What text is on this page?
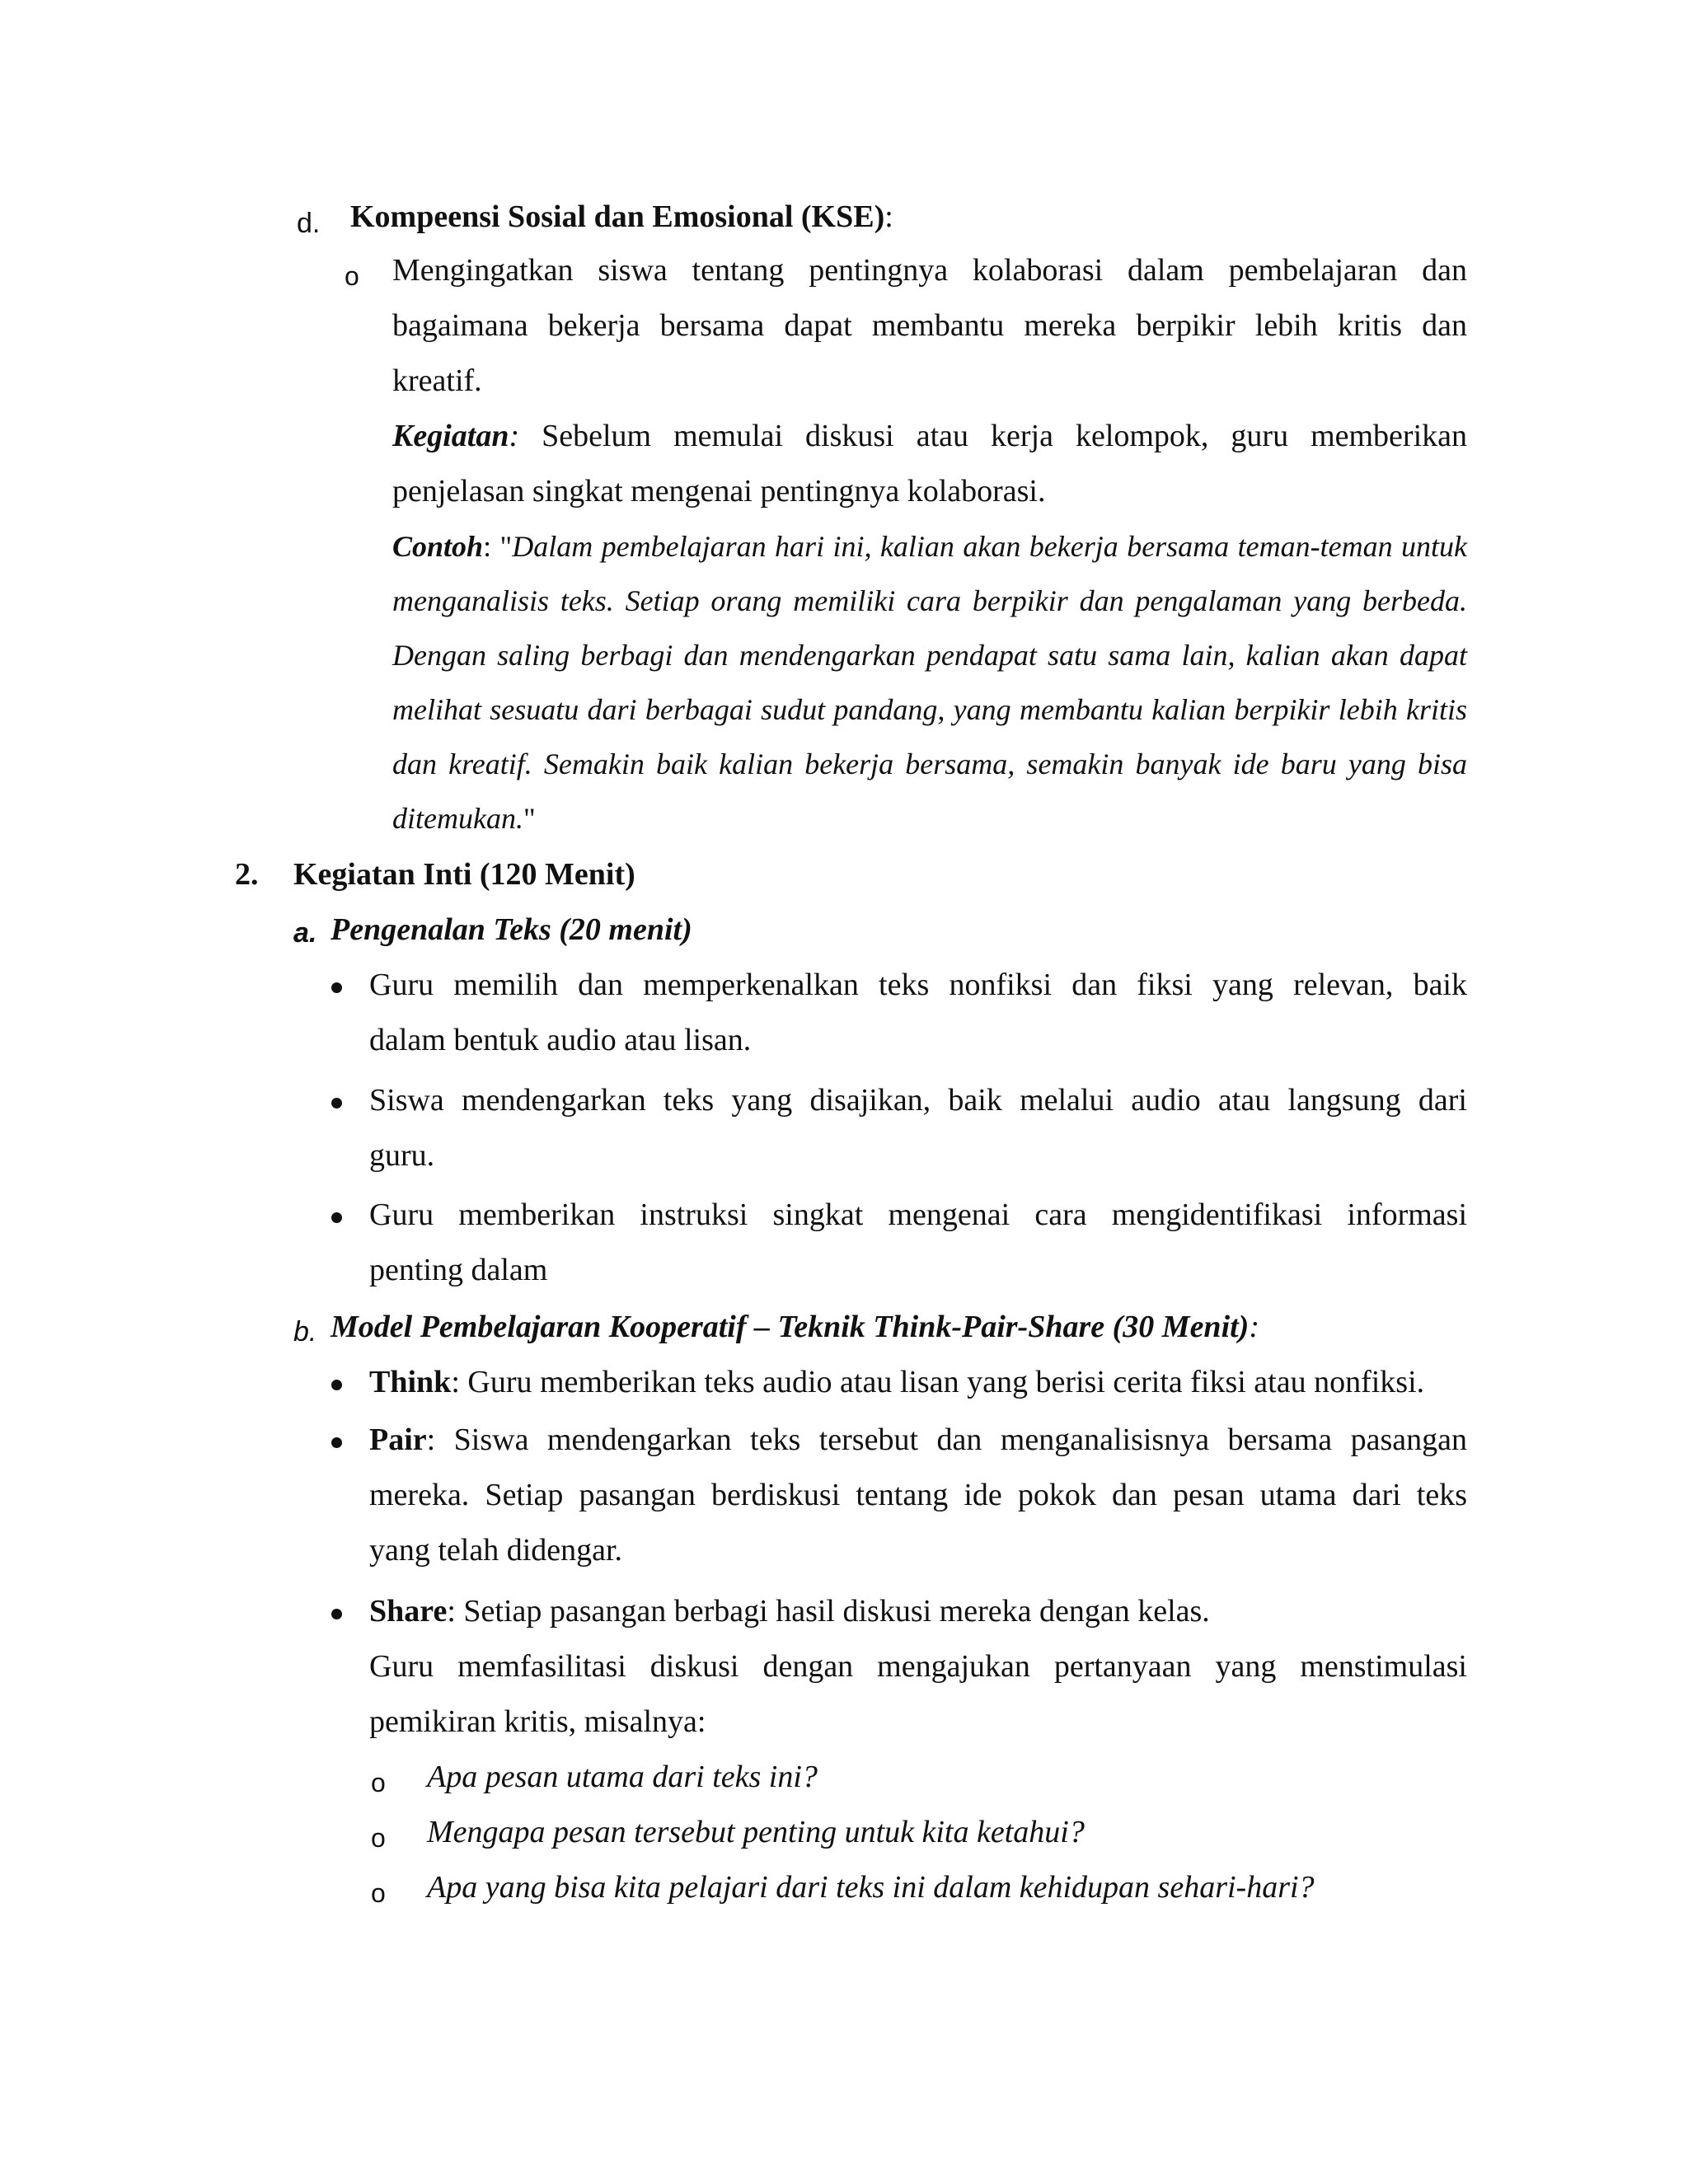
d. Kompeensi Sosial dan Emosional (KSE):
o Mengingatkan siswa tentang pentingnya kolaborasi dalam pembelajaran dan
bagaimana bekerja bersama dapat membantu mereka berpikir lebih kritis dan
kreatif.
Kegiatan: Sebelum memulai diskusi atau kerja kelompok, guru memberikan
penjelasan singkat mengenai pentingnya kolaborasi.
Contoh: "Dalam pembelajaran hari ini, kalian akan bekerja bersama teman-teman untuk
menganalisis teks. Setiap orang memiliki cara berpikir dan pengalaman yang berbeda.
Dengan saling berbagi dan mendengarkan pendapat satu sama lain, kalian akan dapat
melihat sesuatu dari berbagai sudut pandang, yang membantu kalian berpikir lebih kritis
dan kreatif. Semakin baik kalian bekerja bersama, semakin banyak ide baru yang bisa
ditemukan."
2. Kegiatan Inti (120 Menit)
a. Pengenalan Teks (20 menit)
Guru memilih dan memperkenalkan teks nonfiksi dan fiksi yang relevan, baik
dalam bentuk audio atau lisan.
Siswa mendengarkan teks yang disajikan, baik melalui audio atau langsung dari
guru.
Guru memberikan instruksi singkat mengenai cara mengidentifikasi informasi
penting dalam
b. Model Pembelajaran Kooperatif – Teknik Think-Pair-Share (30 Menit):
Think: Guru memberikan teks audio atau lisan yang berisi cerita fiksi atau nonfiksi.
Pair: Siswa mendengarkan teks tersebut dan menganalisisnya bersama pasangan
mereka. Setiap pasangan berdiskusi tentang ide pokok dan pesan utama dari teks
yang telah didengar.
Share: Setiap pasangan berbagi hasil diskusi mereka dengan kelas.
Guru memfasilitasi diskusi dengan mengajukan pertanyaan yang menstimulasi
pemikiran kritis, misalnya:
o Apa pesan utama dari teks ini?
o Mengapa pesan tersebut penting untuk kita ketahui?
o Apa yang bisa kita pelajari dari teks ini dalam kehidupan sehari-hari?
